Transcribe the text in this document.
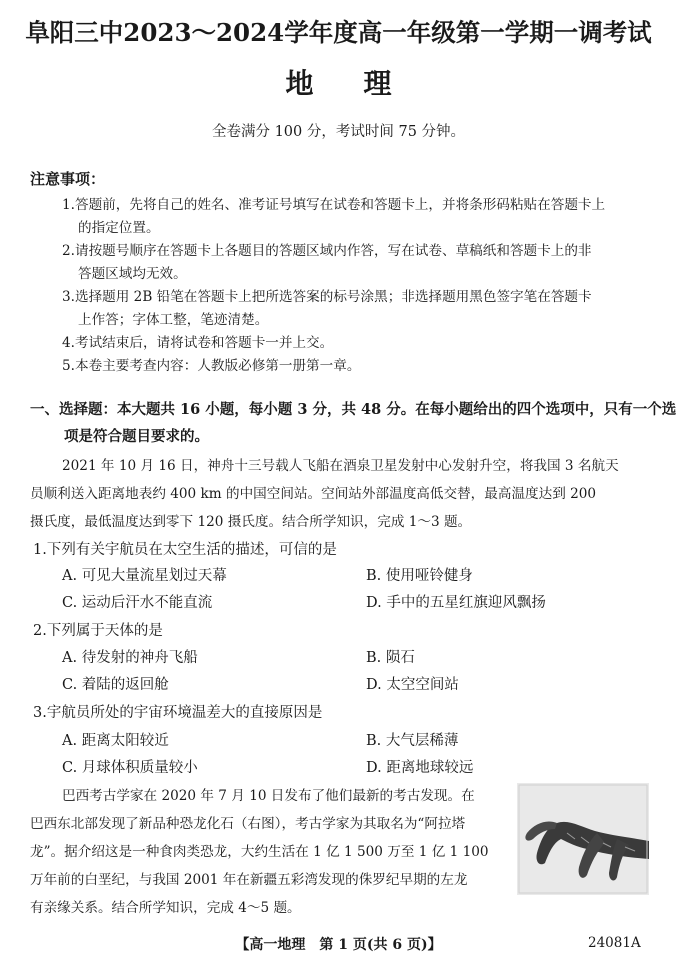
阜阳三中2023～2024学年度高一年级第一学期一调考试
地理
全卷满分 100 分，考试时间 75 分钟。
注意事项：
1.答题前，先将自己的姓名、准考证号填写在试卷和答题卡上，并将条形码粘贴在答题卡上
的指定位置。
2.请按题号顺序在答题卡上各题目的答题区域内作答，写在试卷、草稿纸和答题卡上的非
答题区域均无效。
3.选择题用 2B 铅笔在答题卡上把所选答案的标号涂黑；非选择题用黑色签字笔在答题卡
上作答；字体工整，笔迹清楚。
4.考试结束后，请将试卷和答题卡一并上交。
5.本卷主要考查内容：人教版必修第一册第一章。
一、选择题：本大题共 16 小题，每小题 3 分，共 48 分。在每小题给出的四个选项中，只有一个选
项是符合题目要求的。
2021 年 10 月 16 日，神舟十三号载人飞船在酒泉卫星发射中心发射升空，将我国 3 名航天
员顺利送入距离地表约 400 km 的中国空间站。空间站外部温度高低交替，最高温度达到 200
摄氏度，最低温度达到零下 120 摄氏度。结合所学知识，完成 1～3 题。
1.下列有关宇航员在太空生活的描述，可信的是
A. 可见大量流星划过天幕	B. 使用哑铃健身
C. 运动后汗水不能直流	D. 手中的五星红旗迎风飘扬
2.下列属于天体的是
A. 待发射的神舟飞船	B. 陨石
C. 着陆的返回舱	D. 太空空间站
3.宇航员所处的宇宙环境温差大的直接原因是
A. 距离太阳较近	B. 大气层稀薄
C. 月球体积质量较小	D. 距离地球较远
巴西考古学家在 2020 年 7 月 10 日发布了他们最新的考古发现。在
巴西东北部发现了新品种恐龙化石（右图），考古学家为其取名为“阿拉塔
龙”。据介绍这是一种食肉类恐龙，大约生活在 1 亿 1 500 万至 1 亿 1 100
万年前的白垩纪，与我国 2001 年在新疆五彩湾发现的侏罗纪早期的左龙
有亲缘关系。结合所学知识，完成 4～5 题。
【高一地理　第 1 页(共 6 页)】	24081A
